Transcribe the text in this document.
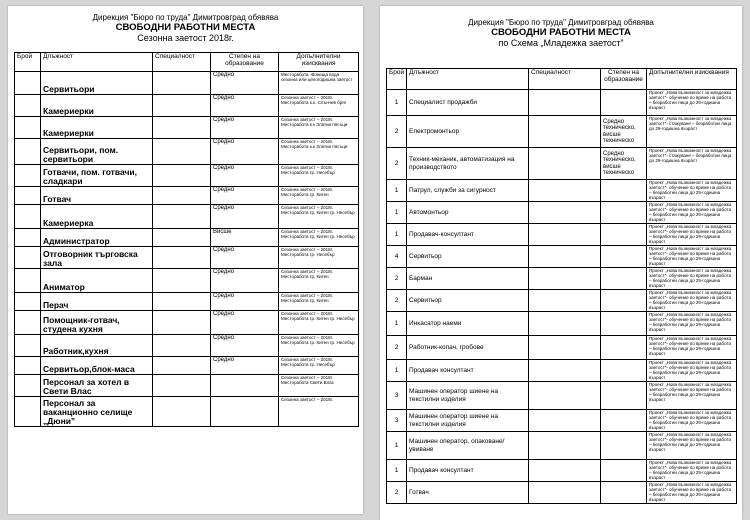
Дирекция "Бюро по труда" Димитровград обявява
СВОБОДНИ РАБОТНИ МЕСТА
Сезонна заетост 2018г.
Брой	Длъжност	Специалност	Степен на образование	Допълнителни изисквания
	Сервитьори		Средно	Месторабота -Вонещa вода сезонна или целогодишна заетост
	Камериерки		Средно	Сезонна заетост – 2018г. Месторабота к.к. Слънчев бряг
	Камериерки		Средно	Сезонна заетост – 2018г. Месторабота к.к Златни пясъци
	Сервитьори, пом. сервитьори		Средно	Сезонна заетост – 2018г. Месторабота к.к Златни пясъци
	Готвачи, пом. готвачи, сладкари		Средно	Сезонна заетост – 2018г. Месторабота гр. Несебър
	Готвач		Средно	Сезонна заетост – 2018г. Месторабота гр. Китен
	Камериерка		Средно	Сезонна заетост – 2018г. Месторабота гр. Китен гр. Несебър
	Администратор		Висше	Сезонна заетост – 2018г. Месторабота гр. Китен гр. Несебър
	Отговорник търговска зала		Средно	Сезонна заетост – 2018г. Месторабота гр. Несебър
	Аниматор		Средно	Сезонна заетост – 2018г. Месторабота гр. Китен
	Перач		Средно	Сезонна заетост – 2018г. Месторабота гр. Китен
	Помощник-готвач, студена кухня		Средно	Сезонна заетост – 2018г. Месторабота гр. Китен гр. Несебър
	Работник,кухня		Средно	Сезонна заетост – 2018г. Месторабота гр. Китен гр. Несебър
	Сервитьор,блок-маса		Средно	Сезонна заетост – 2018г. Месторабота гр. Несебър
	Персонал за хотел в Свети Влас			Сезонна заетост – 2018г. Месторабота Свети Влас
	Персонал за ваканционно селище „Дюни”			Сезонна заетост – 2018г.
Дирекция "Бюро по труда" Димитровград обявява
СВОБОДНИ РАБОТНИ МЕСТА
по Схема „Младежка заетост”
Брой	Длъжност	Специалност	Степен на образование	Допълнителни изисквания
1	Специалист продажби			Проект „Нова възможност за младежка заетост“- обучение по време на работа – безработни лица до 29-годишна възраст
2	Електромонтьор		Средно техническо, висше техническо	Проект „Нова възможност за младежка заетост“- стажуване – безработни лица до 29-годишна възраст
2	Техник-механик, автоматизация на производството		Средно техническо, висше техническо	Проект „Нова възможност за младежка заетост“- стажуване – безработни лица до 29-годишна възраст
1	Патрул, служби за сигурност			Проект „Нова възможност за младежка заетост“- обучение по време на работа – безработни лица до 29-годишна възраст
1	Автомонтьор			Проект „Нова възможност за младежка заетост“- обучение по време на работа – безработни лица до 29-годишна възраст
1	Продавач-консултант			Проект „Нова възможност за младежка заетост“- обучение по време на работа – безработни лица до 29-годишна възраст
4	Сервитьор			Проект „Нова възможност за младежка заетост“- обучение по време на работа – безработни лица до 29-годишна възраст
2	Барман			Проект „Нова възможност за младежка заетост“- обучение по време на работа – безработни лица до 29-годишна възраст
2	Сервитьор			Проект „Нова възможност за младежка заетост“- обучение по време на работа – безработни лица до 29-годишна възраст
1	Инкасатор наеми			Проект „Нова възможност за младежка заетост“- обучение по време на работа – безработни лица до 29-годишна възраст
2	Работник-копач, гробове			Проект „Нова възможност за младежка заетост“- обучение по време на работа – безработни лица до 29-годишна възраст
1	Продавач консултант			Проект „Нова възможност за младежка заетост“- обучение по време на работа – безработни лица до 29-годишна възраст
3	Машинен оператор шиене на текстилни изделия			Проект „Нова възможност за младежка заетост“- обучение по време на работа – безработни лица до 29-годишна възраст
3	Машинен оператор шиене на текстилни изделия			Проект „Нова възможност за младежка заетост“- обучение по време на работа – безработни лица до 29-годишна възраст
1	Машинен оператор, опаковане/увиване			Проект „Нова възможност за младежка заетост“- обучение по време на работа – безработни лица до 29-годишна възраст
1	Продавач консултант			Проект „Нова възможност за младежка заетост“- обучение по време на работа – безработни лица до 29-годишна възраст
2	Готвач			Проект „Нова възможност за младежка заетост“- обучение по време на работа – безработни лица до 29-годишна възраст
